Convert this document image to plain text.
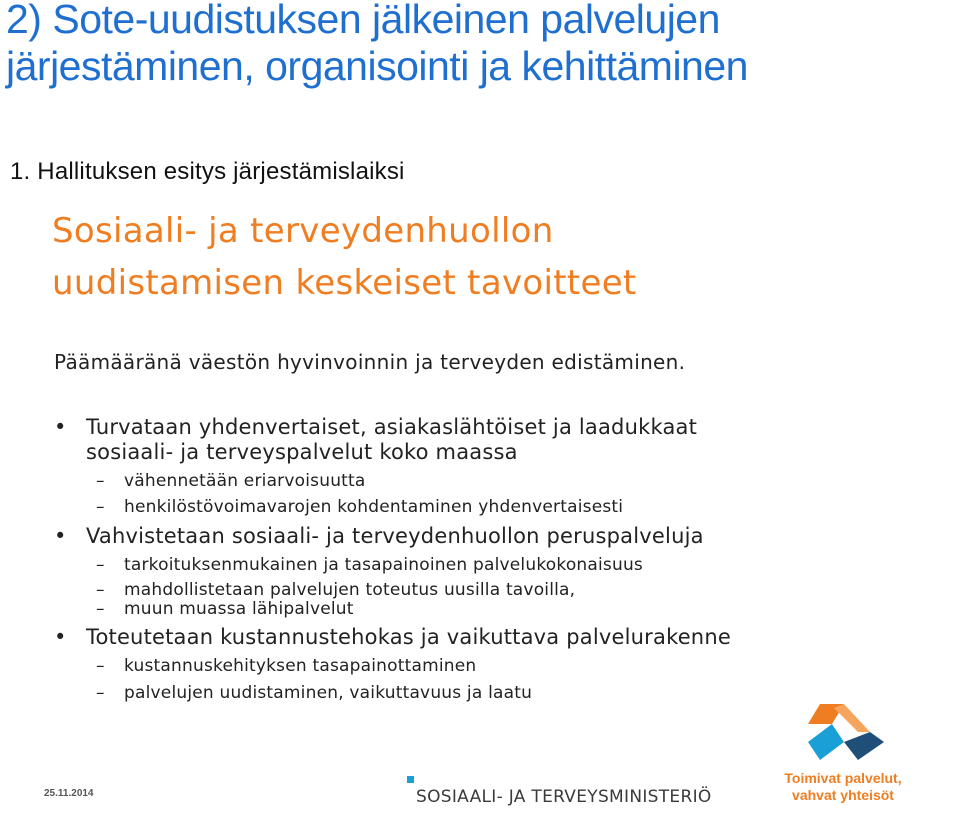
2) Sote-uudistuksen jälkeinen palvelujen
järjestäminen, organisointi ja kehittäminen
1. Hallituksen esitys järjestämislaiksi
Sosiaali- ja terveydenhuollon
uudistamisen keskeiset tavoitteet
Päämääränä väestön hyvinvoinnin ja terveyden edistäminen.
• Turvataan yhdenvertaiset, asiakaslähtöiset ja laadukkaat
sosiaali- ja terveyspalvelut koko maassa
– vähennetään eriarvoisuutta
– henkilöstövoimavarojen kohdentaminen yhdenvertaisesti
• Vahvistetaan sosiaali- ja terveydenhuollon peruspalveluja
– tarkoituksenmukainen ja tasapainoinen palvelukokonaisuus
– mahdollistetaan palvelujen toteutus uusilla tavoilla,
– muun muassa lähipalvelut
• Toteutetaan kustannustehokas ja vaikuttava palvelurakenne
– kustannuskehityksen tasapainottaminen
– palvelujen uudistaminen, vaikuttavuus ja laatu
Toimivat palvelut,
vahvat yhteisöt
SOSIAALI- JA TERVEYSMINISTERIÖ
25.11.2014
